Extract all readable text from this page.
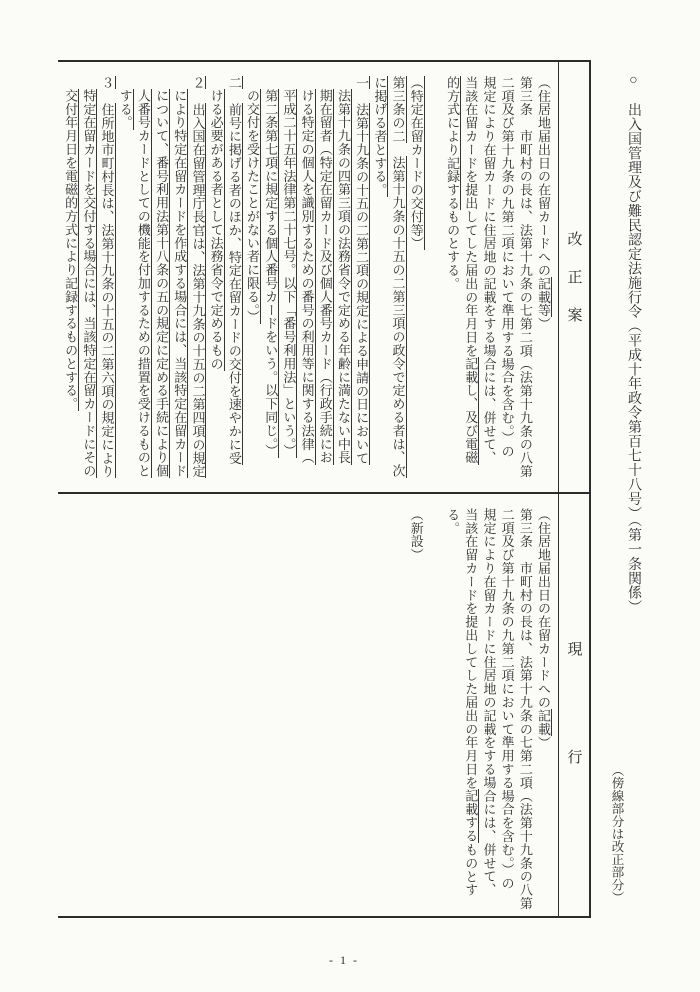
○　出入国管理及び難民認定法施行令（平成十年政令第百七十八号）（第一条関係）
（傍線部分は改正部分）
改正案
現行
（住居地届出日の在留カードへの記載等）
第三条　市町村の長は、法第十九条の七第二項（法第十九条の八第
二項及び第十九条の九第二項において準用する場合を含む。）の
規定により在留カードに住居地の記載をする場合には、併せて、
当該在留カードを提出してした届出の年月日を記載し、及び電磁
的方式により記録するものとする。

（特定在留カードの交付等）
第三条の二　法第十九条の十五の二第三項の政令で定める者は、次
に掲げる者とする。
一　法第十九条の十五の二第二項の規定による申請の日において
法第十九条の四第三項の法務省令で定める年齢に満たない中長
期在留者（特定在留カード及び個人番号カード（行政手続にお
ける特定の個人を識別するための番号の利用等に関する法律（
平成二十五年法律第二十七号。以下「番号利用法」という。）
第二条第七項に規定する個人番号カードをいう。以下同じ。）
の交付を受けたことがない者に限る。）
二　前号に掲げる者のほか、特定在留カードの交付を速やかに受
ける必要がある者として法務省令で定めるもの
２　出入国在留管理庁長官は、法第十九条の十五の二第四項の規定
により特定在留カードを作成する場合には、当該特定在留カード
について、番号利用法第十八条の五の規定に定める手続により個
人番号カードとしての機能を付加するための措置を受けるものと
する。
３　住所地市町村長は、法第十九条の十五の二第六項の規定により
特定在留カードを交付する場合には、当該特定在留カードにその
交付年月日を電磁的方式により記録するものとする。
（住居地届出日の在留カードへの記載）
第三条　市町村の長は、法第十九条の七第二項（法第十九条の八第
二項及び第十九条の九第二項において準用する場合を含む。）の
規定により在留カードに住居地の記載をする場合には、併せて、
当該在留カードを提出してした届出の年月日を記載するものとす
る。

（新設）
- 1 -
